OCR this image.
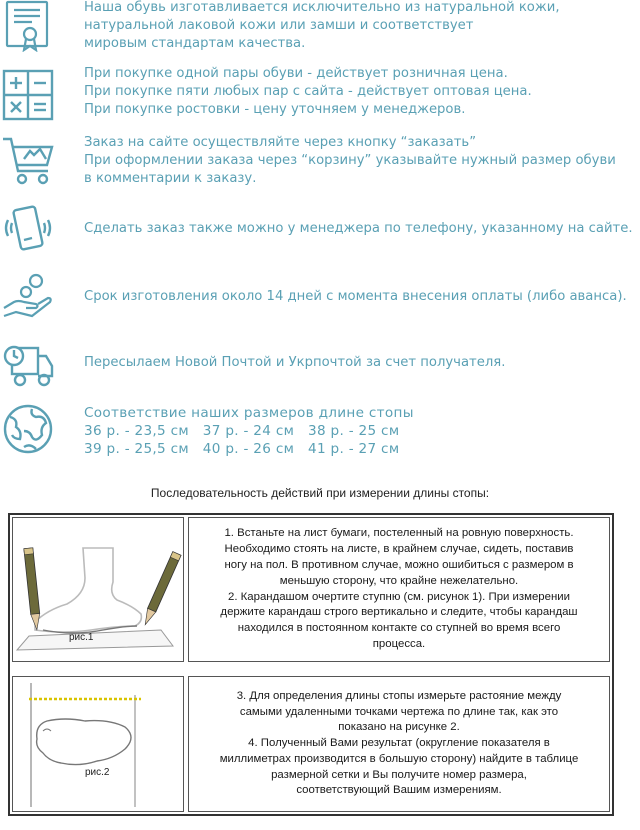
Наша обувь изготавливается исключительно из натуральной кожи,
натуральной лаковой кожи или замши и соответствует
мировым стандартам качества.
При покупке одной пары обуви - действует розничная цена.
При покупке пяти любых пар с сайта - действует оптовая цена.
При покупке ростовки - цену уточняем у менеджеров.
Заказ на сайте осуществляйте через кнопку “заказать”
При оформлении заказа через “корзину” указывайте нужный размер обуви
в комментарии к заказу.
Сделать заказ также можно у менеджера по телефону, указанному на сайте.
Срок изготовления около 14 дней с момента внесения оплаты (либо аванса).
Пересылаем Новой Почтой и Укрпочтой за счет получателя.
Соответствие наших размеров длине стопы
36 р. - 23,5 см   37 р. - 24 см   38 р. - 25 см
39 р. - 25,5 см   40 р. - 26 см   41 р. - 27 см
Последовательность действий при измерении длины стопы:
рис.1
1. Встаньте на лист бумаги, постеленный на ровную поверхность.
Необходимо стоять на листе, в крайнем случае, сидеть, поставив
ногу на пол. В противном случае, можно ошибиться с размером в
меньшую сторону, что крайне нежелательно.
2. Карандашом очертите ступню (см. рисунок 1). При измерении
держите карандаш строго вертикально и следите, чтобы карандаш
находился в постоянном контакте со ступней во время всего
процесса.
рис.2
3. Для определения длины стопы измерьте растояние между
самыми удаленными точками чертежа по длине так, как это
показано на рисунке 2.
4. Полученный Вами результат (округление показателя в
миллиметрах производится в большую сторону) найдите в таблице
размерной сетки и Вы получите номер размера,
соответствующий Вашим измерениям.
